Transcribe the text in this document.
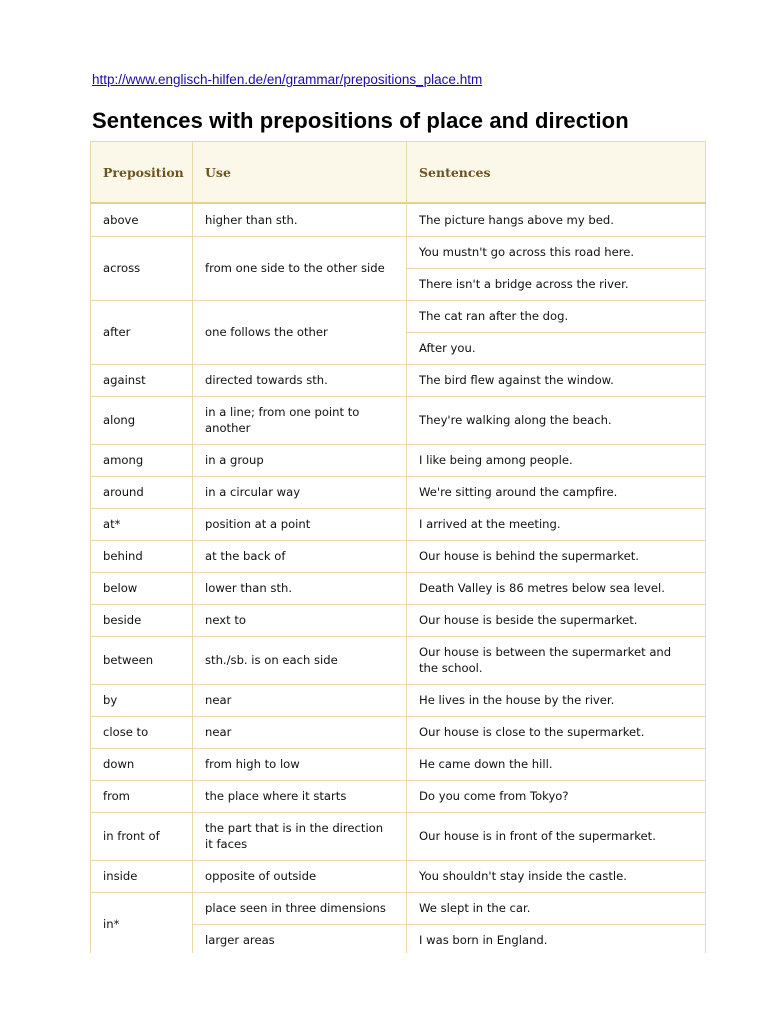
http://www.englisch-hilfen.de/en/grammar/prepositions_place.htm
Sentences with prepositions of place and direction
Preposition	Use	Sentences
above	higher than sth.	The picture hangs above my bed.
across	from one side to the other side	You mustn't go across this road here.
		There isn't a bridge across the river.
after	one follows the other	The cat ran after the dog.
		After you.
against	directed towards sth.	The bird flew against the window.
along	in a line; from one point to another	They're walking along the beach.
among	in a group	I like being among people.
around	in a circular way	We're sitting around the campfire.
at*	position at a point	I arrived at the meeting.
behind	at the back of	Our house is behind the supermarket.
below	lower than sth.	Death Valley is 86 metres below sea level.
beside	next to	Our house is beside the supermarket.
between	sth./sb. is on each side	Our house is between the supermarket and the school.
by	near	He lives in the house by the river.
close to	near	Our house is close to the supermarket.
down	from high to low	He came down the hill.
from	the place where it starts	Do you come from Tokyo?
in front of	the part that is in the direction it faces	Our house is in front of the supermarket.
inside	opposite of outside	You shouldn't stay inside the castle.
in*	place seen in three dimensions	We slept in the car.
	larger areas	I was born in England.
